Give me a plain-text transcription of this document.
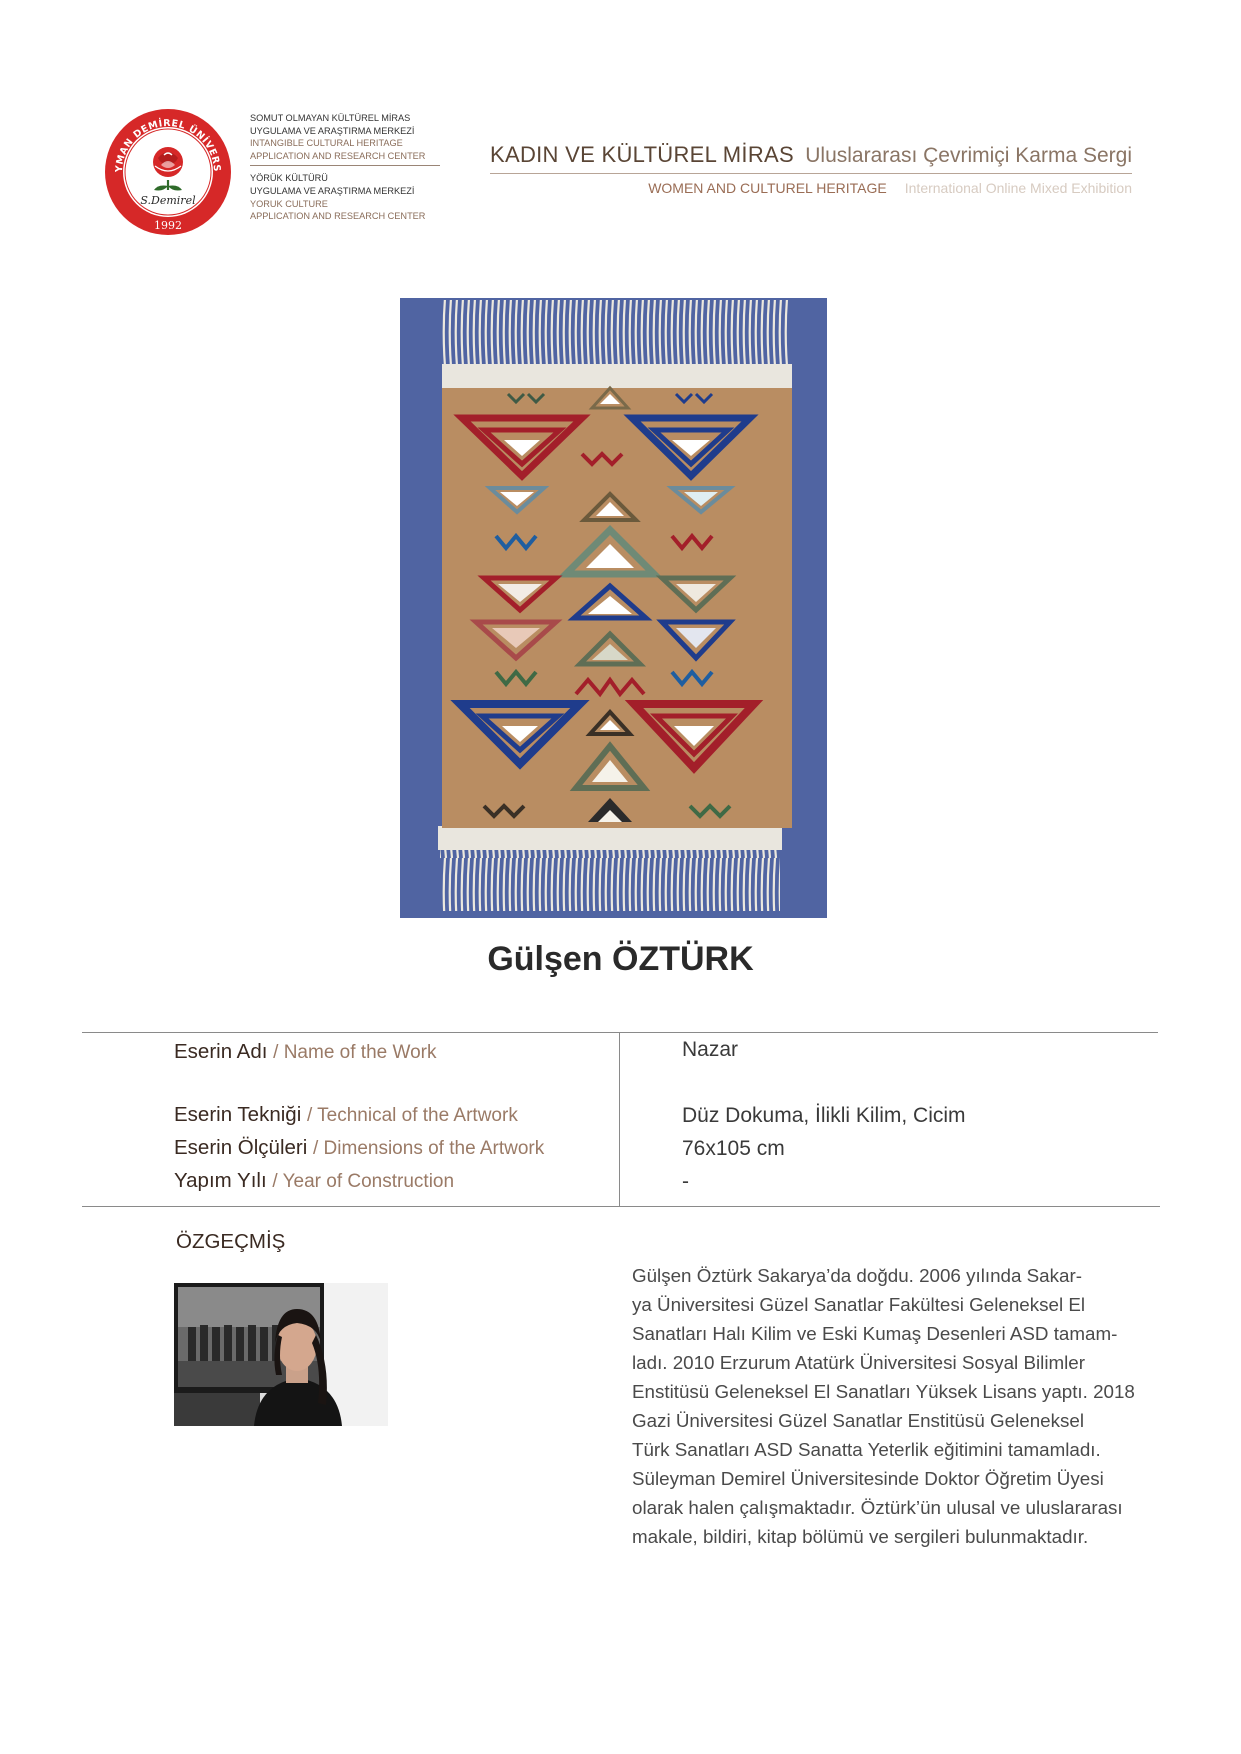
YMAN DEMİREL ÜNİVERS
S.Demirel
1992
SOMUT OLMAYAN KÜLTÜREL MİRAS
UYGULAMA VE ARAŞTIRMA MERKEZİ
INTANGIBLE CULTURAL HERITAGE
APPLICATION AND RESEARCH CENTER
YÖRÜK KÜLTÜRÜ
UYGULAMA VE ARAŞTIRMA MERKEZİ
YORUK CULTURE
APPLICATION AND RESEARCH CENTER
KADIN VE KÜLTÜREL MİRAS Uluslararası Çevrimiçi Karma Sergi
WOMEN AND CULTUREL HERITAGE International Online Mixed Exhibition
Gülşen ÖZTÜRK
Eserin Adı / Name of the Work	Nazar
Eserin Tekniği / Technical of the Artwork	Düz Dokuma, İlikli Kilim, Cicim
Eserin Ölçüleri / Dimensions of the Artwork	76x105 cm
Yapım Yılı / Year of Construction	-
ÖZGEÇMİŞ
Gülşen Öztürk Sakarya’da doğdu. 2006 yılında Sakar-
ya Üniversitesi Güzel Sanatlar Fakültesi Geleneksel El
Sanatları Halı Kilim ve Eski Kumaş Desenleri ASD tamam-
ladı. 2010 Erzurum Atatürk Üniversitesi Sosyal Bilimler
Enstitüsü Geleneksel El Sanatları Yüksek Lisans yaptı. 2018
Gazi Üniversitesi Güzel Sanatlar Enstitüsü Geleneksel
Türk Sanatları ASD Sanatta Yeterlik eğitimini tamamladı.
Süleyman Demirel Üniversitesinde Doktor Öğretim Üyesi
olarak halen çalışmaktadır. Öztürk’ün ulusal ve uluslararası
makale, bildiri, kitap bölümü ve sergileri bulunmaktadır.
